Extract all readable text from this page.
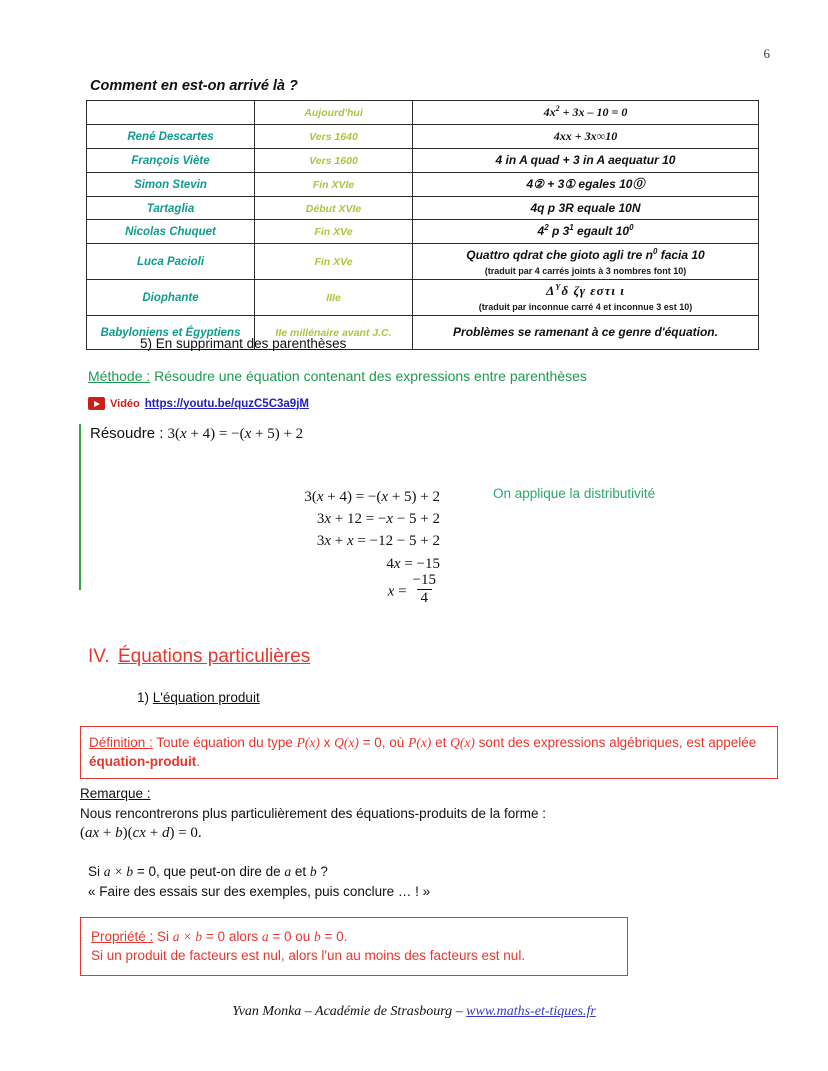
6
Comment en est-on arrivé là ?
	Aujourd'hui	$4x^2 + 3x - 10 = 0$
René Descartes	Vers 1640	4xx + 3x∞10
François Viète	Vers 1600	4 in A quad + 3 in A aequatur 10
Simon Stevin	Fin XVIe	4② + 3① egales 10⓪
Tartaglia	Début XVIe	4q p 3R equale 10N
Nicolas Chuquet	Fin XVe	$4^2$ p $3^1$ egault $10^0$
Luca Pacioli	Fin XVe	Quattro qdrat che gioto agli tre $n^0$ facia 10
(traduit par 4 carrés joints à 3 nombres font 10)

Diophante	IIIe	$\Delta^\Upsilon\delta$ ζγ εστι ι
(traduit par inconnue carré 4 et inconnue 3 est 10)

Babyloniens et Égyptiens	IIe millénaire avant J.C.	Problèmes se ramenant à ce genre d'équation.
5) En supprimant des parenthèses
Méthode : Résoudre une équation contenant des expressions entre parenthèses
Vidéo https://youtu.be/quzC5C3a9jM
Résoudre : 3(x + 4) = −(x + 5) + 2
3(x + 4) = −(x + 5) + 2
3x + 12 = −x − 5 + 2
3x + x = −12 − 5 + 2
4x = −15
$x = \frac{-15}{4}$
On applique la distributivité
IV. Équations particulières
1) L'équation produit
Définition : Toute équation du type P(x) x Q(x) = 0, où P(x) et Q(x) sont des expressions algébriques, est appelée équation-produit.
Remarque :
Nous rencontrerons plus particulièrement des équations-produits de la forme :
(ax + b)(cx + d) = 0.
Si a × b = 0, que peut-on dire de a et b ?
« Faire des essais sur des exemples, puis conclure … ! »
Propriété : Si a × b = 0 alors a = 0 ou b = 0.
Si un produit de facteurs est nul, alors l'un au moins des facteurs est nul.
Yvan Monka – Académie de Strasbourg – www.maths-et-tiques.fr
